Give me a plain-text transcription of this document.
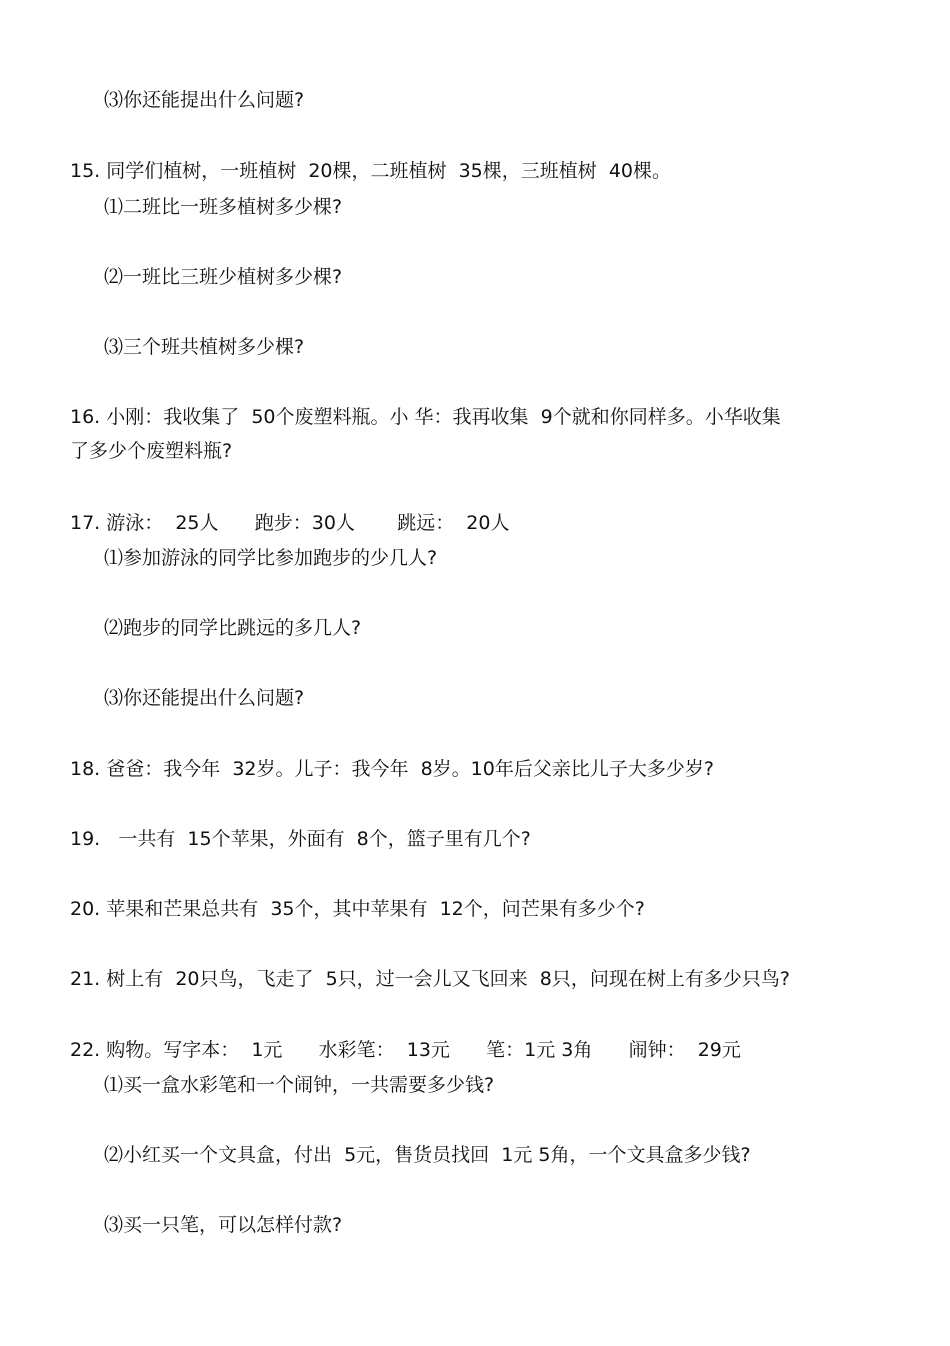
⑶你还能提出什么问题?
15. 同学们植树，一班植树  20棵，二班植树  35棵，三班植树  40棵。
⑴二班比一班多植树多少棵?
⑵一班比三班少植树多少棵?
⑶三个班共植树多少棵?
16. 小刚：我收集了  50个废塑料瓶。小 华：我再收集  9个就和你同样多。小华收集
了多少个废塑料瓶?
17. 游泳：  25人      跑步：30人       跳远：  20人
⑴参加游泳的同学比参加跑步的少几人?
⑵跑步的同学比跳远的多几人?
⑶你还能提出什么问题?
18. 爸爸：我今年  32岁。儿子：我今年  8岁。10年后父亲比儿子大多少岁?
19.   一共有  15个苹果，外面有  8个，篮子里有几个?
20. 苹果和芒果总共有  35个，其中苹果有  12个，问芒果有多少个?
21. 树上有  20只鸟，飞走了  5只，过一会儿又飞回来  8只，问现在树上有多少只鸟?
22. 购物。写字本：  1元      水彩笔：  13元      笔：1元 3角      闹钟：  29元
⑴买一盒水彩笔和一个闹钟，一共需要多少钱?
⑵小红买一个文具盒，付出  5元，售货员找回  1元 5角，一个文具盒多少钱?
⑶买一只笔，可以怎样付款?
